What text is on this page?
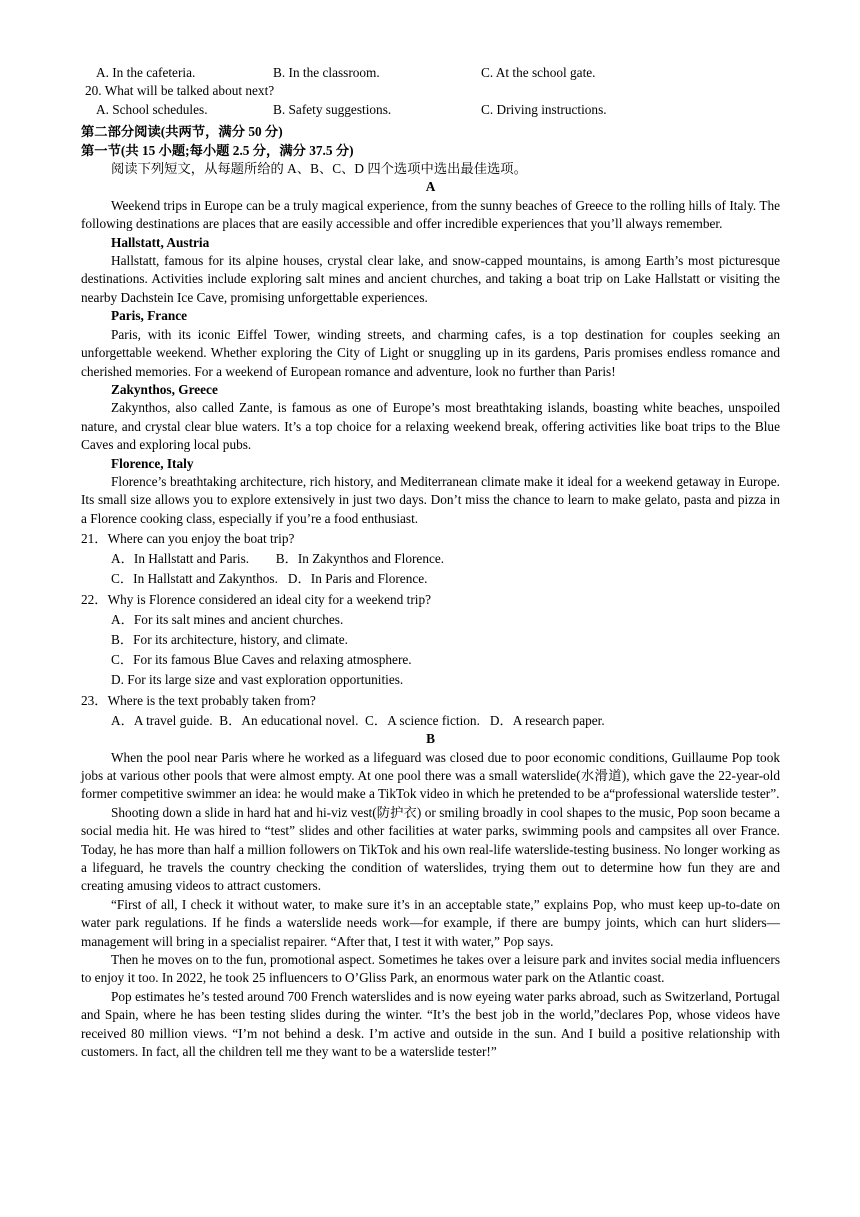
A. In the cafeteria.	B. In the classroom.	C. At the school gate.
20. What will be talked about next?
A. School schedules.	B. Safety suggestions.	C. Driving instructions.
第二部分阅读(共两节，满分 50 分)
第一节(共 15 小题;每小题 2.5 分，满分 37.5 分)
阅读下列短文，从每题所给的 A、B、C、D 四个选项中选出最佳选项。
A

Weekend trips in Europe can be a truly magical experience, from the sunny beaches of Greece to the rolling hills of Italy. The following destinations are places that are easily accessible and offer incredible experiences that you’ll always remember.

Hallstatt, Austria

Hallstatt, famous for its alpine houses, crystal clear lake, and snow-capped mountains, is among Earth’s most picturesque destinations. Activities include exploring salt mines and ancient churches, and taking a boat trip on Lake Hallstatt or visiting the nearby Dachstein Ice Cave, promising unforgettable experiences.

Paris, France

Paris, with its iconic Eiffel Tower, winding streets, and charming cafes, is a top destination for couples seeking an unforgettable weekend. Whether exploring the City of Light or snuggling up in its gardens, Paris promises endless romance and cherished memories. For a weekend of European romance and adventure, look no further than Paris!

Zakynthos, Greece

Zakynthos, also called Zante, is famous as one of Europe’s most breathtaking islands, boasting white beaches, unspoiled nature, and crystal clear blue waters. It’s a top choice for a relaxing weekend break, offering activities like boat trips to the Blue Caves and exploring local pubs.

Florence, Italy

Florence’s breathtaking architecture, rich history, and Mediterranean climate make it ideal for a weekend getaway in Europe. Its small size allows you to explore extensively in just two days. Don’t miss the chance to learn to make gelato, pasta and pizza in a Florence cooking class, especially if you’re a food enthusiast.

21．Where can you enjoy the boat trip?
A．In Hallstatt and Paris.        B．In Zakynthos and Florence.
C．In Hallstatt and Zakynthos.   D．In Paris and Florence.
22．Why is Florence considered an ideal city for a weekend trip?
A．For its salt mines and ancient churches.
B．For its architecture, history, and climate.
C．For its famous Blue Caves and relaxing atmosphere.
D. For its large size and vast exploration opportunities.
23．Where is the text probably taken from?
A．A travel guide.  B．An educational novel.  C．A science fiction.   D．A research paper.
B

When the pool near Paris where he worked as a lifeguard was closed due to poor economic conditions, Guillaume Pop took jobs at various other pools that were almost empty. At one pool there was a small waterslide(水滑道), which gave the 22-year-old former competitive swimmer an idea: he would make a TikTok video in which he pretended to be a“professional waterslide tester”.

Shooting down a slide in hard hat and hi-viz vest(防护衣) or smiling broadly in cool shapes to the music, Pop soon became a social media hit. He was hired to “test” slides and other facilities at water parks, swimming pools and campsites all over France. Today, he has more than half a million followers on TikTok and his own real-life waterslide-testing business. No longer working as a lifeguard, he travels the country checking the condition of waterslides, trying them out to determine how fun they are and creating amusing videos to attract customers.

“First of all, I check it without water, to make sure it’s in an acceptable state,” explains Pop, who must keep up-to-date on water park regulations. If he finds a waterslide needs work—for example, if there are bumpy joints, which can hurt sliders—management will bring in a specialist repairer. “After that, I test it with water,” Pop says.

Then he moves on to the fun, promotional aspect. Sometimes he takes over a leisure park and invites social media influencers to enjoy it too. In 2022, he took 25 influencers to O’Gliss Park, an enormous water park on the Atlantic coast.

Pop estimates he’s tested around 700 French waterslides and is now eyeing water parks abroad, such as Switzerland, Portugal and Spain, where he has been testing slides during the winter. “It’s the best job in the world,”declares Pop, whose videos have received 80 million views. “I’m not behind a desk. I’m active and outside in the sun. And I build a positive relationship with customers. In fact, all the children tell me they want to be a waterslide tester!”
